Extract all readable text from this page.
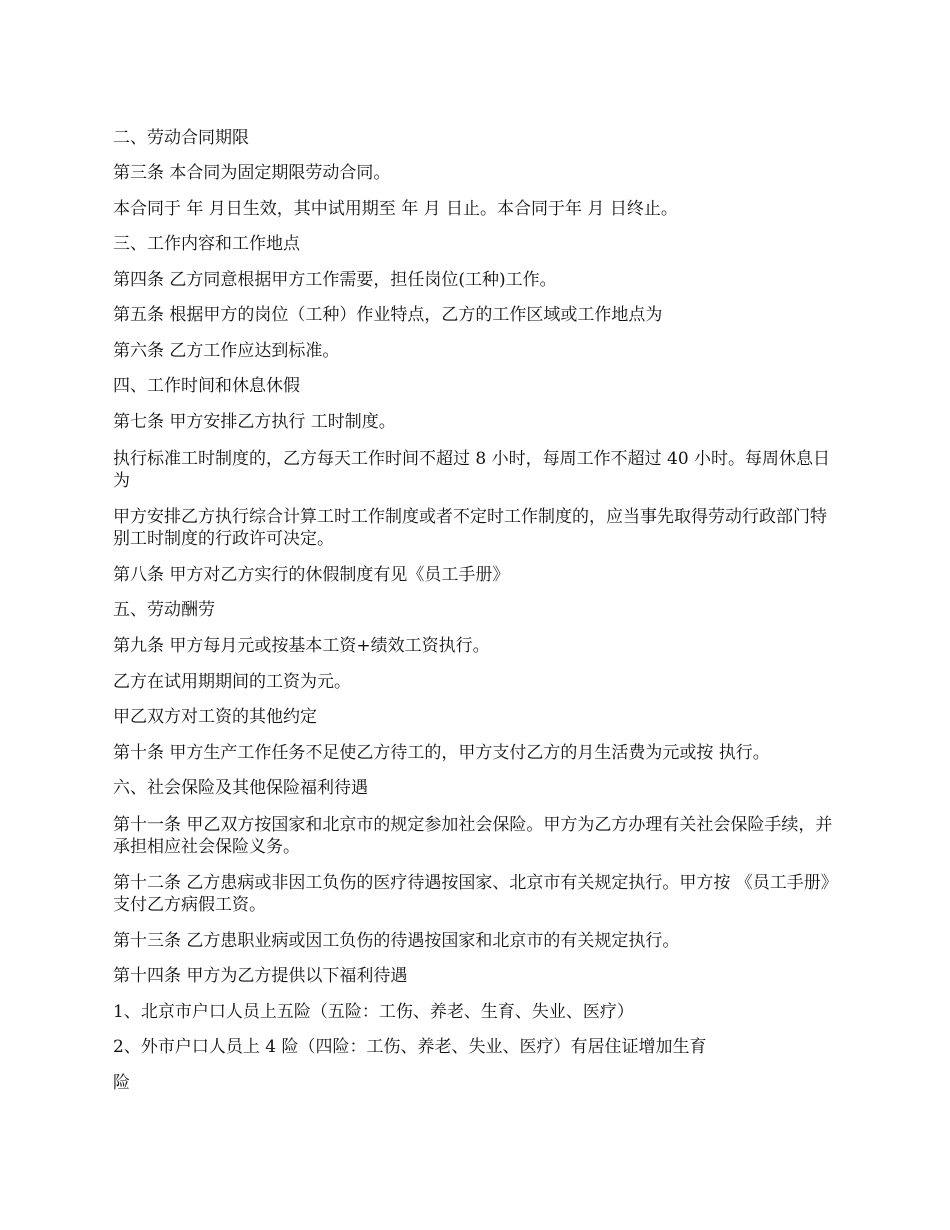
二、劳动合同期限
第三条 本合同为固定期限劳动合同。
本合同于 年 月日生效，其中试用期至 年 月 日止。本合同于年 月 日终止。
三、工作内容和工作地点
第四条 乙方同意根据甲方工作需要，担任岗位(工种)工作。
第五条 根据甲方的岗位（工种）作业特点，乙方的工作区域或工作地点为
第六条 乙方工作应达到标准。
四、工作时间和休息休假
第七条 甲方安排乙方执行 工时制度。
执行标准工时制度的，乙方每天工作时间不超过 8 小时，每周工作不超过 40 小时。每周休息日为
甲方安排乙方执行综合计算工时工作制度或者不定时工作制度的，应当事先取得劳动行政部门特别工时制度的行政许可决定。
第八条 甲方对乙方实行的休假制度有见《员工手册》
五、劳动酬劳
第九条 甲方每月元或按基本工资+绩效工资执行。
乙方在试用期期间的工资为元。
甲乙双方对工资的其他约定
第十条 甲方生产工作任务不足使乙方待工的，甲方支付乙方的月生活费为元或按 执行。
六、社会保险及其他保险福利待遇
第十一条 甲乙双方按国家和北京市的规定参加社会保险。甲方为乙方办理有关社会保险手续，并承担相应社会保险义务。
第十二条 乙方患病或非因工负伤的医疗待遇按国家、北京市有关规定执行。甲方按 《员工手册》支付乙方病假工资。
第十三条 乙方患职业病或因工负伤的待遇按国家和北京市的有关规定执行。
第十四条 甲方为乙方提供以下福利待遇
1、北京市户口人员上五险（五险：工伤、养老、生育、失业、医疗）
2、外市户口人员上 4 险（四险：工伤、养老、失业、医疗）有居住证增加生育
险
